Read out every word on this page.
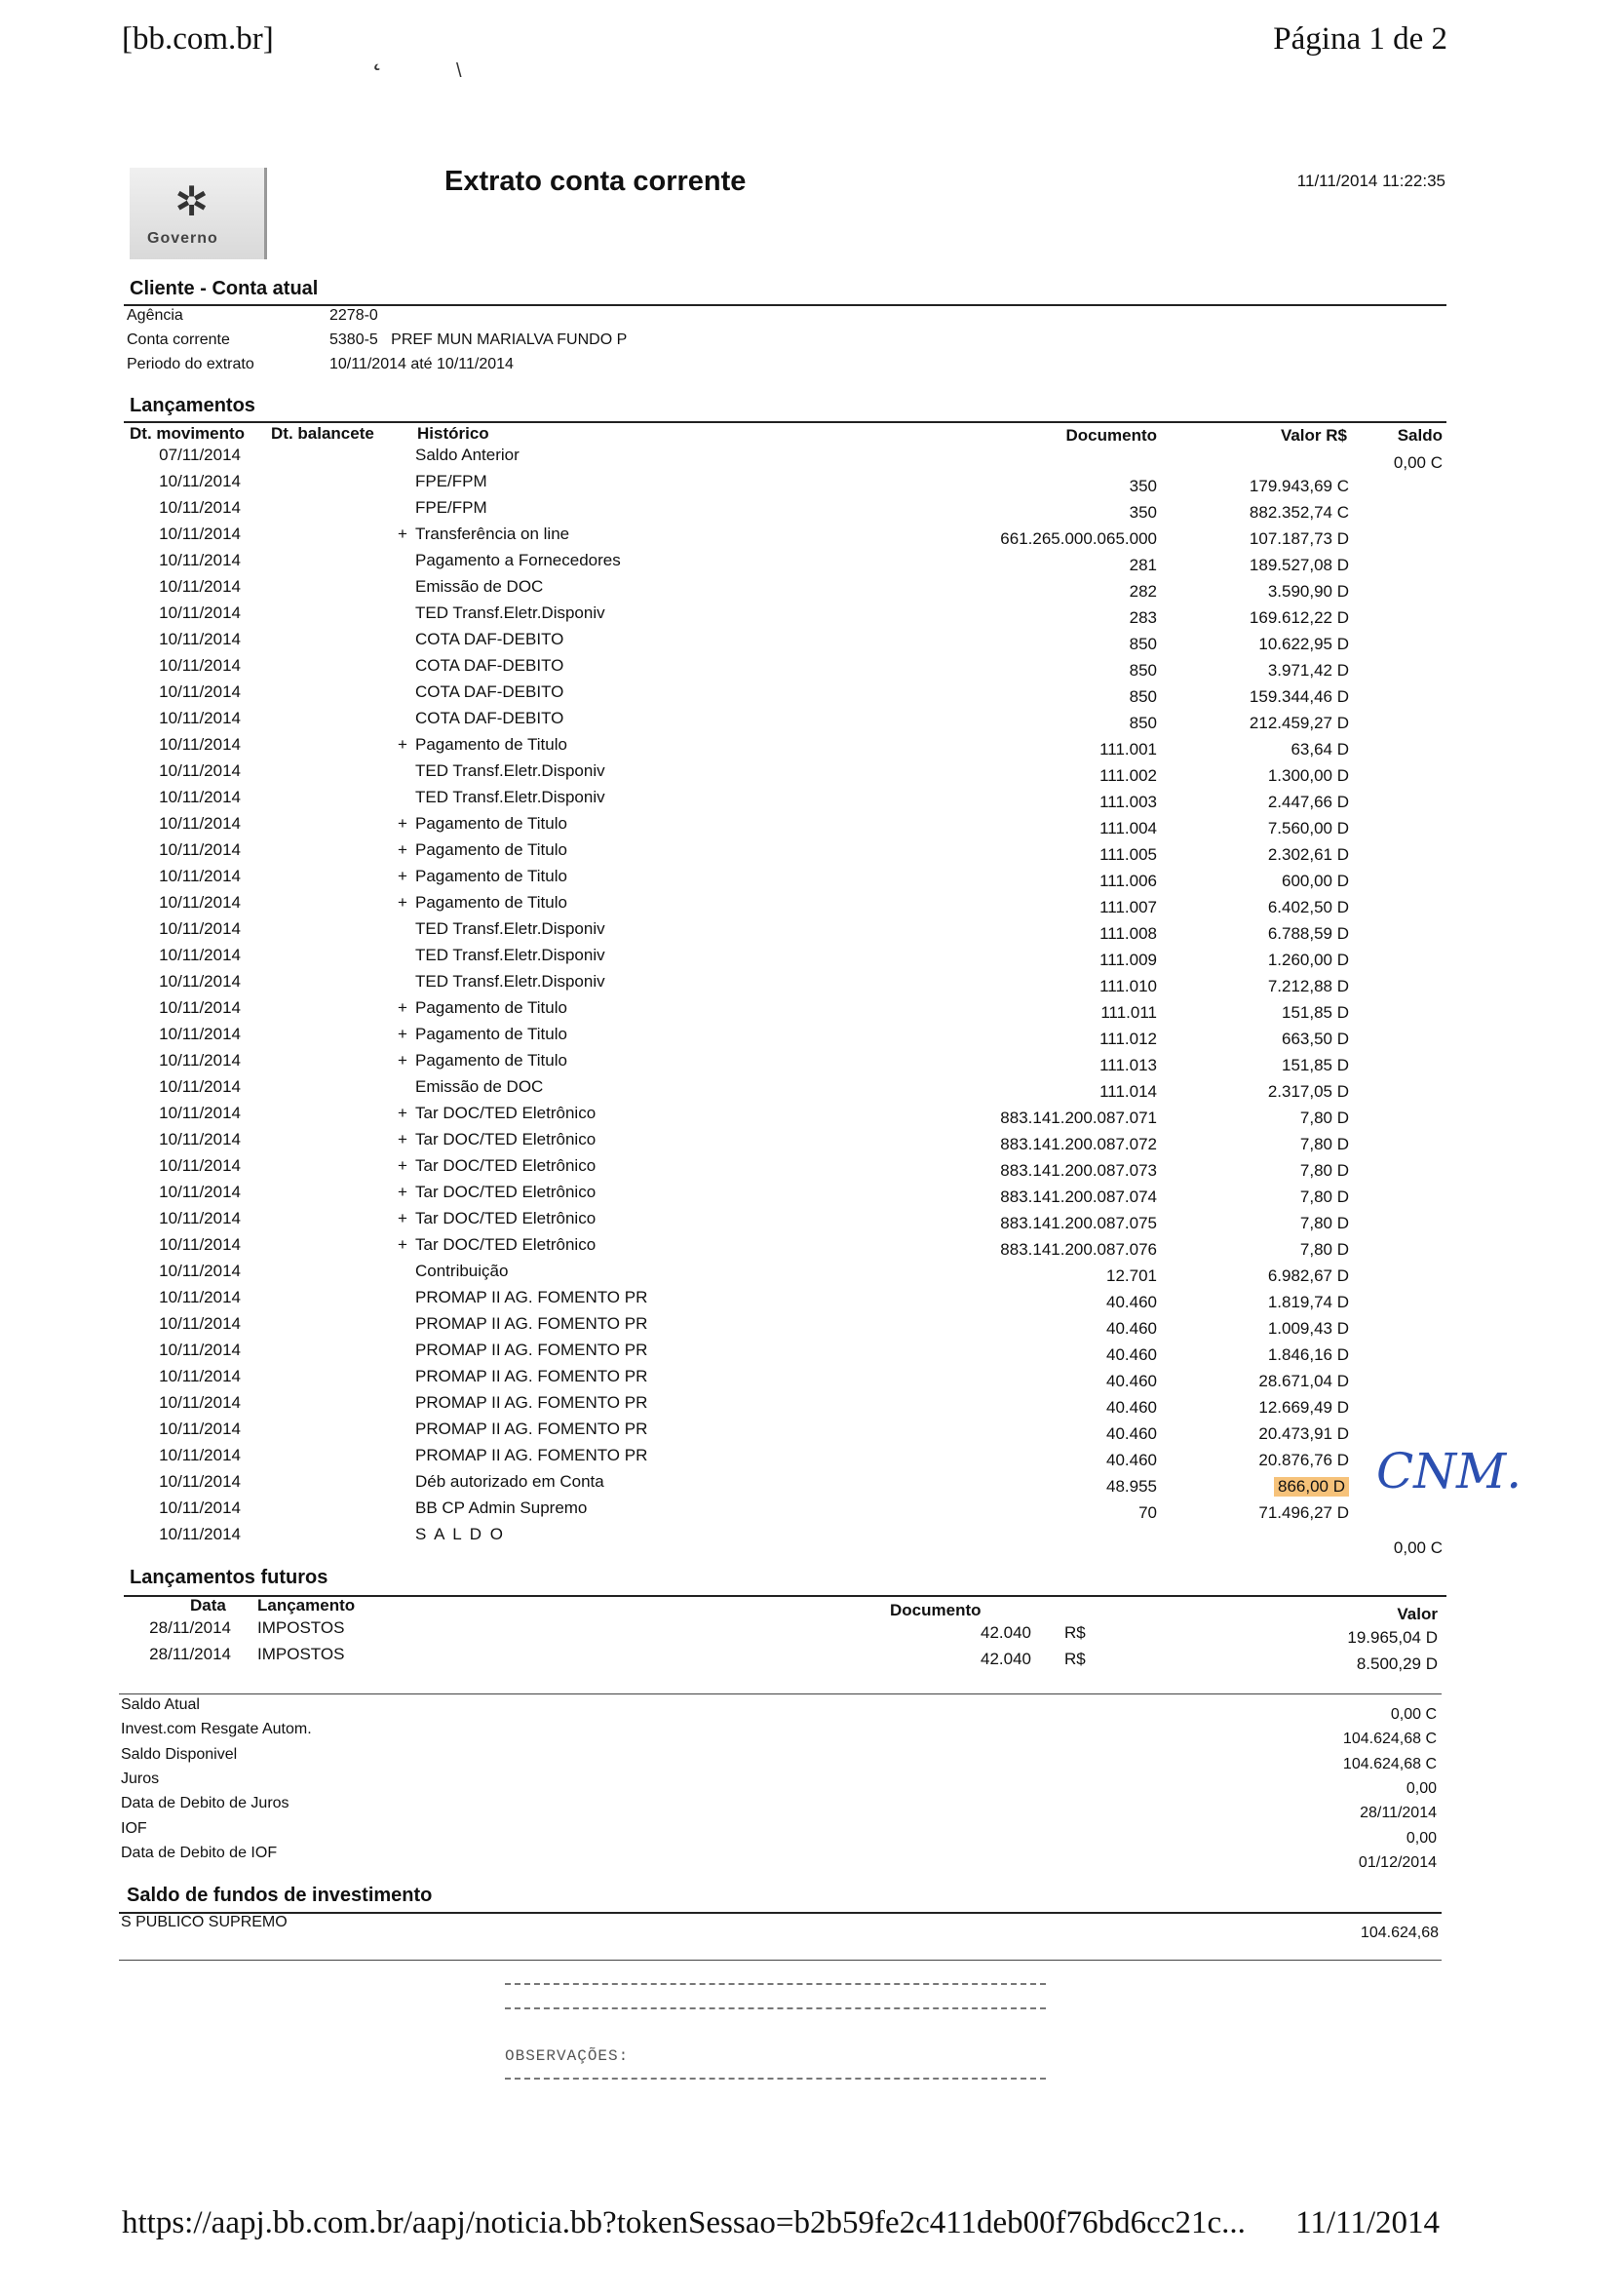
[bb.com.br]	Página 1 de 2
˛	\
✲
Governo
Extrato conta corrente	11/11/2014 11:22:35
Cliente - Conta atual
Agência	2278-0
Conta corrente	5380-5   PREF MUN MARIALVA FUNDO P
Periodo do extrato	10/11/2014 até 10/11/2014
Lançamentos
Dt. movimento Dt. balancete	Histórico	Documento	Valor R$	Saldo
07/11/2014	Saldo Anterior	0,00 C
10/11/2014	FPE/FPM	350	179.943,69 C
10/11/2014	FPE/FPM	350	882.352,74 C
10/11/2014	+ Transferência on line	661.265.000.065.000	107.187,73 D
10/11/2014	Pagamento a Fornecedores	281	189.527,08 D
10/11/2014	Emissão de DOC	282	3.590,90 D
10/11/2014	TED Transf.Eletr.Disponiv	283	169.612,22 D
10/11/2014	COTA DAF-DEBITO	850	10.622,95 D
10/11/2014	COTA DAF-DEBITO	850	3.971,42 D
10/11/2014	COTA DAF-DEBITO	850	159.344,46 D
10/11/2014	COTA DAF-DEBITO	850	212.459,27 D
10/11/2014	+ Pagamento de Titulo	111.001	63,64 D
10/11/2014	TED Transf.Eletr.Disponiv	111.002	1.300,00 D
10/11/2014	TED Transf.Eletr.Disponiv	111.003	2.447,66 D
10/11/2014	+ Pagamento de Titulo	111.004	7.560,00 D
10/11/2014	+ Pagamento de Titulo	111.005	2.302,61 D
10/11/2014	+ Pagamento de Titulo	111.006	600,00 D
10/11/2014	+ Pagamento de Titulo	111.007	6.402,50 D
10/11/2014	TED Transf.Eletr.Disponiv	111.008	6.788,59 D
10/11/2014	TED Transf.Eletr.Disponiv	111.009	1.260,00 D
10/11/2014	TED Transf.Eletr.Disponiv	111.010	7.212,88 D
10/11/2014	+ Pagamento de Titulo	111.011	151,85 D
10/11/2014	+ Pagamento de Titulo	111.012	663,50 D
10/11/2014	+ Pagamento de Titulo	111.013	151,85 D
10/11/2014	Emissão de DOC	111.014	2.317,05 D
10/11/2014	+ Tar DOC/TED Eletrônico	883.141.200.087.071	7,80 D
10/11/2014	+ Tar DOC/TED Eletrônico	883.141.200.087.072	7,80 D
10/11/2014	+ Tar DOC/TED Eletrônico	883.141.200.087.073	7,80 D
10/11/2014	+ Tar DOC/TED Eletrônico	883.141.200.087.074	7,80 D
10/11/2014	+ Tar DOC/TED Eletrônico	883.141.200.087.075	7,80 D
10/11/2014	+ Tar DOC/TED Eletrônico	883.141.200.087.076	7,80 D
10/11/2014	Contribuição	12.701	6.982,67 D
10/11/2014	PROMAP II AG. FOMENTO PR	40.460	1.819,74 D
10/11/2014	PROMAP II AG. FOMENTO PR	40.460	1.009,43 D
10/11/2014	PROMAP II AG. FOMENTO PR	40.460	1.846,16 D
10/11/2014	PROMAP II AG. FOMENTO PR	40.460	28.671,04 D
10/11/2014	PROMAP II AG. FOMENTO PR	40.460	12.669,49 D
10/11/2014	PROMAP II AG. FOMENTO PR	40.460	20.473,91 D
10/11/2014	PROMAP II AG. FOMENTO PR	40.460	20.876,76 D
10/11/2014	Déb autorizado em Conta	48.955	866,00 D
10/11/2014	BB CP Admin Supremo	70	71.496,27 D
10/11/2014	S A L D O
0,00 C
CNM.
Lançamentos futuros
Data Lançamento	Documento	Valor
28/11/2014 IMPOSTOS	42.040 R$	19.965,04 D
28/11/2014 IMPOSTOS	42.040 R$	8.500,29 D
Saldo Atual
0,00 C
Invest.com Resgate Autom.
104.624,68 C
Saldo Disponivel
104.624,68 C
Juros
0,00
Data de Debito de Juros
28/11/2014
IOF
0,00
Data de Debito de IOF
01/12/2014
Saldo de fundos de investimento
S PUBLICO SUPREMO
104.624,68
OBSERVAÇÕES:
https://aapj.bb.com.br/aapj/noticia.bb?tokenSessao=b2b59fe2c411deb00f76bd6cc21c... 11/11/2014
